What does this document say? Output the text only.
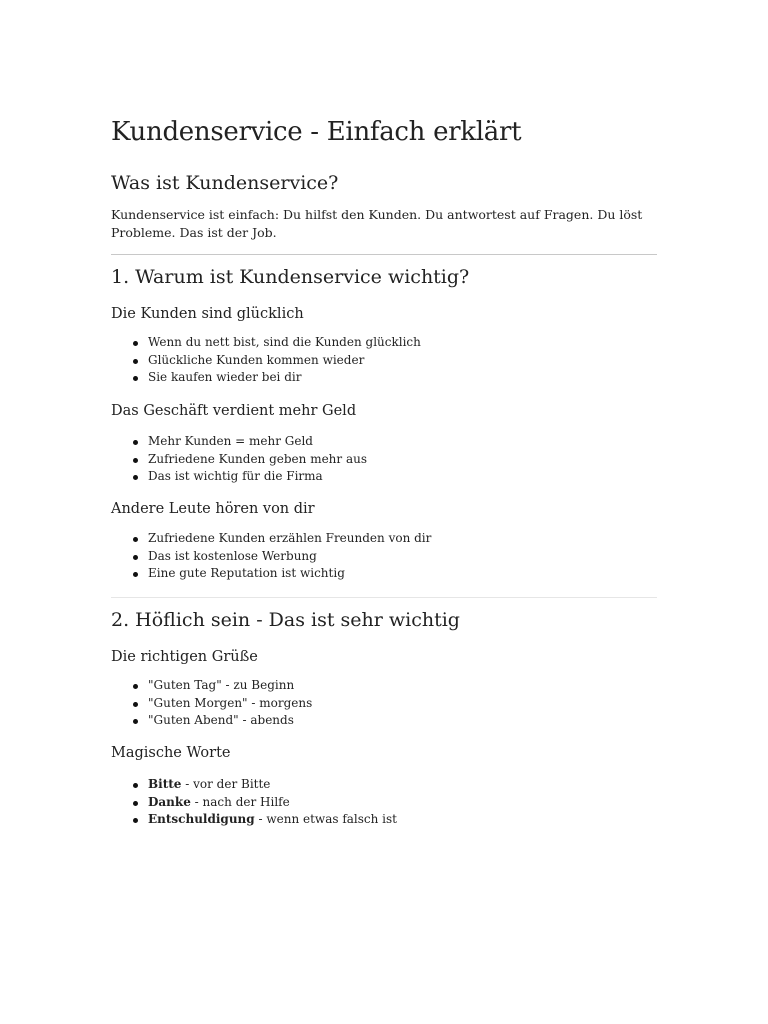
Kundenservice - Einfach erklärt
Was ist Kundenservice?

Kundenservice ist einfach: Du hilfst den Kunden. Du antwortest auf Fragen. Du löst
Probleme. Das ist der Job.

1. Warum ist Kundenservice wichtig?
Die Kunden sind glücklich
Wenn du nett bist, sind die Kunden glücklich
Glückliche Kunden kommen wieder
Sie kaufen wieder bei dir
Das Geschäft verdient mehr Geld
Mehr Kunden = mehr Geld
Zufriedene Kunden geben mehr aus
Das ist wichtig für die Firma
Andere Leute hören von dir
Zufriedene Kunden erzählen Freunden von dir
Das ist kostenlose Werbung
Eine gute Reputation ist wichtig
2. Höflich sein - Das ist sehr wichtig
Die richtigen Grüße
"Guten Tag" - zu Beginn
"Guten Morgen" - morgens
"Guten Abend" - abends
Magische Worte
Bitte - vor der Bitte
Danke - nach der Hilfe
Entschuldigung - wenn etwas falsch ist
